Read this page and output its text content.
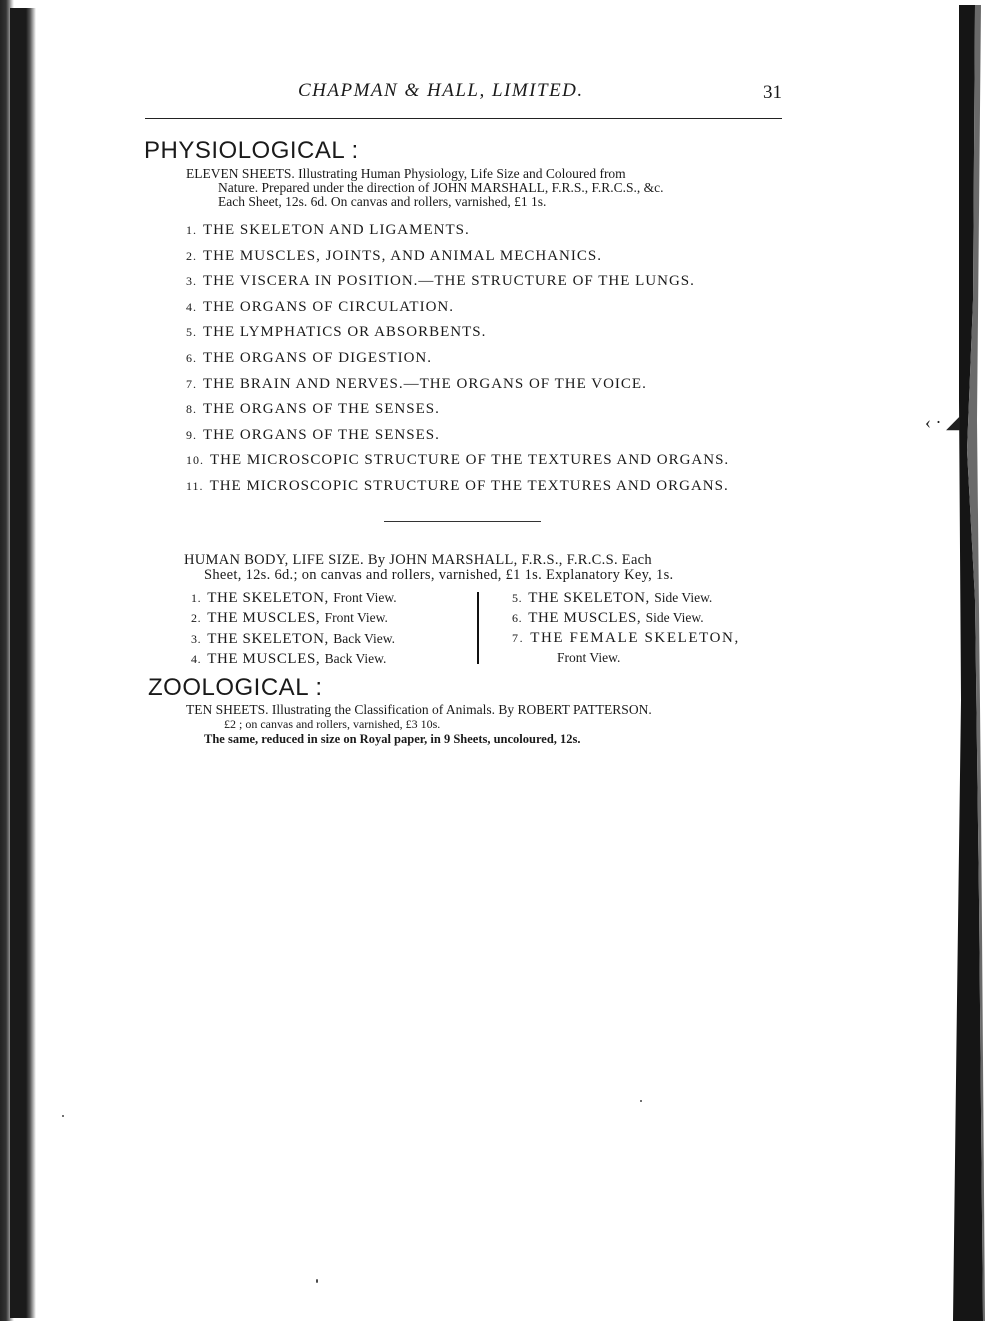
‹ · ◢
CHAPMAN & HALL, LIMITED.	31
PHYSIOLOGICAL :
ELEVEN SHEETS. Illustrating Human Physiology, Life Size and Coloured from
Nature. Prepared under the direction of JOHN MARSHALL, F.R.S., F.R.C.S., &c.
Each Sheet, 12s. 6d. On canvas and rollers, varnished, £1 1s.
1. THE SKELETON AND LIGAMENTS.
2. THE MUSCLES, JOINTS, AND ANIMAL MECHANICS.
3. THE VISCERA IN POSITION.—THE STRUCTURE OF THE LUNGS.
4. THE ORGANS OF CIRCULATION.
5. THE LYMPHATICS OR ABSORBENTS.
6. THE ORGANS OF DIGESTION.
7. THE BRAIN AND NERVES.—THE ORGANS OF THE VOICE.
8. THE ORGANS OF THE SENSES.
9. THE ORGANS OF THE SENSES.
10. THE MICROSCOPIC STRUCTURE OF THE TEXTURES AND ORGANS.
11. THE MICROSCOPIC STRUCTURE OF THE TEXTURES AND ORGANS.
HUMAN BODY, LIFE SIZE. By JOHN MARSHALL, F.R.S., F.R.C.S. Each
Sheet, 12s. 6d.; on canvas and rollers, varnished, £1 1s. Explanatory Key, 1s.
1. THE SKELETON, Front View.
2. THE MUSCLES, Front View.
3. THE SKELETON, Back View.
4. THE MUSCLES, Back View.
5. THE SKELETON, Side View.
6. THE MUSCLES, Side View.
7. THE FEMALE SKELETON,
Front View.
ZOOLOGICAL :
TEN SHEETS. Illustrating the Classification of Animals. By ROBERT PATTERSON.
£2 ; on canvas and rollers, varnished, £3 10s.
The same, reduced in size on Royal paper, in 9 Sheets, uncoloured, 12s.
